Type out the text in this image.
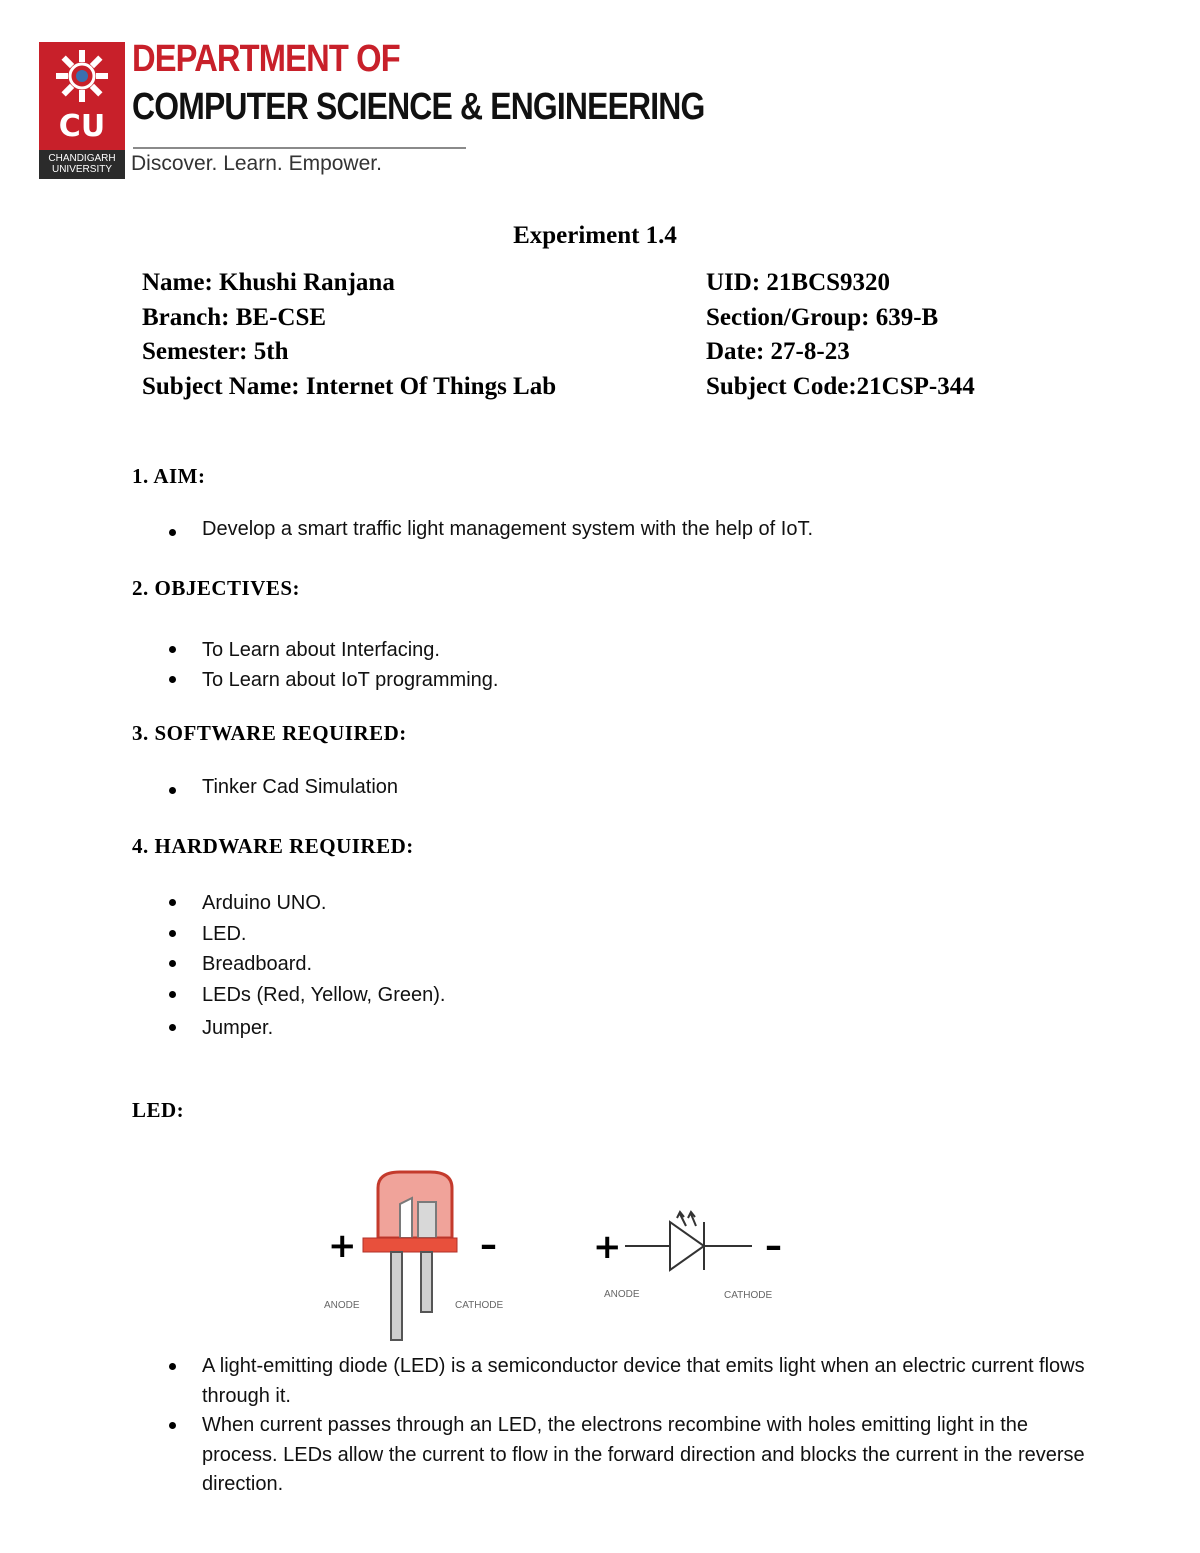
CU
CHANDIGARH UNIVERSITY
DEPARTMENT OF
COMPUTER SCIENCE & ENGINEERING
Discover. Learn. Empower.
Experiment 1.4
Name: Khushi Ranjana	UID: 21BCS9320
Branch: BE-CSE	Section/Group: 639-B
Semester: 5th	Date: 27-8-23
Subject Name: Internet Of Things Lab	Subject Code:21CSP-344
1. AIM:
Develop a smart traffic light management system with the help of IoT.
2. OBJECTIVES:
To Learn about Interfacing.
To Learn about IoT programming.
3. SOFTWARE REQUIRED:
Tinker Cad Simulation
4. HARDWARE REQUIRED:
Arduino UNO.
LED.
Breadboard.
LEDs (Red, Yellow, Green).
Jumper.
LED:
+	–
ANODE	CATHODE
+	–
ANODE	CATHODE
A light-emitting diode (LED) is a semiconductor device that emits light when an electric current flows through it.
When current passes through an LED, the electrons recombine with holes emitting light in the process. LEDs allow the current to flow in the forward direction and blocks the current in the reverse direction.
